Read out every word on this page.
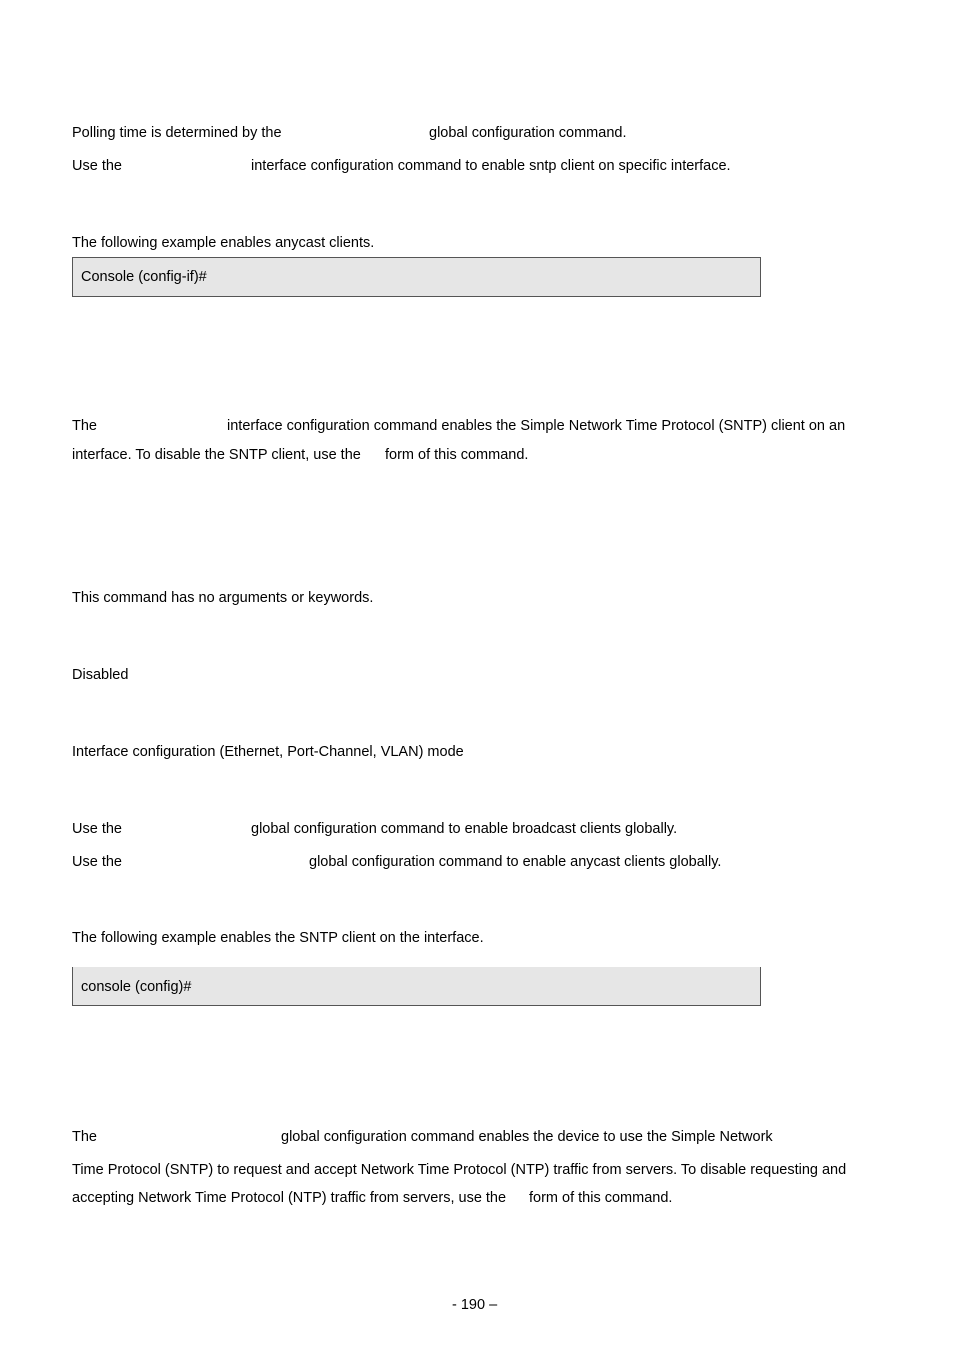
Polling time is determined by the	global configuration command.
Use the	interface configuration command to enable sntp client on specific interface.
The following example enables anycast clients.
Console (config-if)#
The	interface configuration command enables the Simple Network Time Protocol (SNTP) client on an
interface. To disable the SNTP client, use the form of this command.
This command has no arguments or keywords.
Disabled
Interface configuration (Ethernet, Port-Channel, VLAN) mode
Use the	global configuration command to enable broadcast clients globally.
Use the	global configuration command to enable anycast clients globally.
The following example enables the SNTP client on the interface.
console (config)#
The	global configuration command enables the device to use the Simple Network
Time Protocol (SNTP) to request and accept Network Time Protocol (NTP) traffic from servers. To disable requesting and
accepting Network Time Protocol (NTP) traffic from servers, use the form of this command.
- 190 –
